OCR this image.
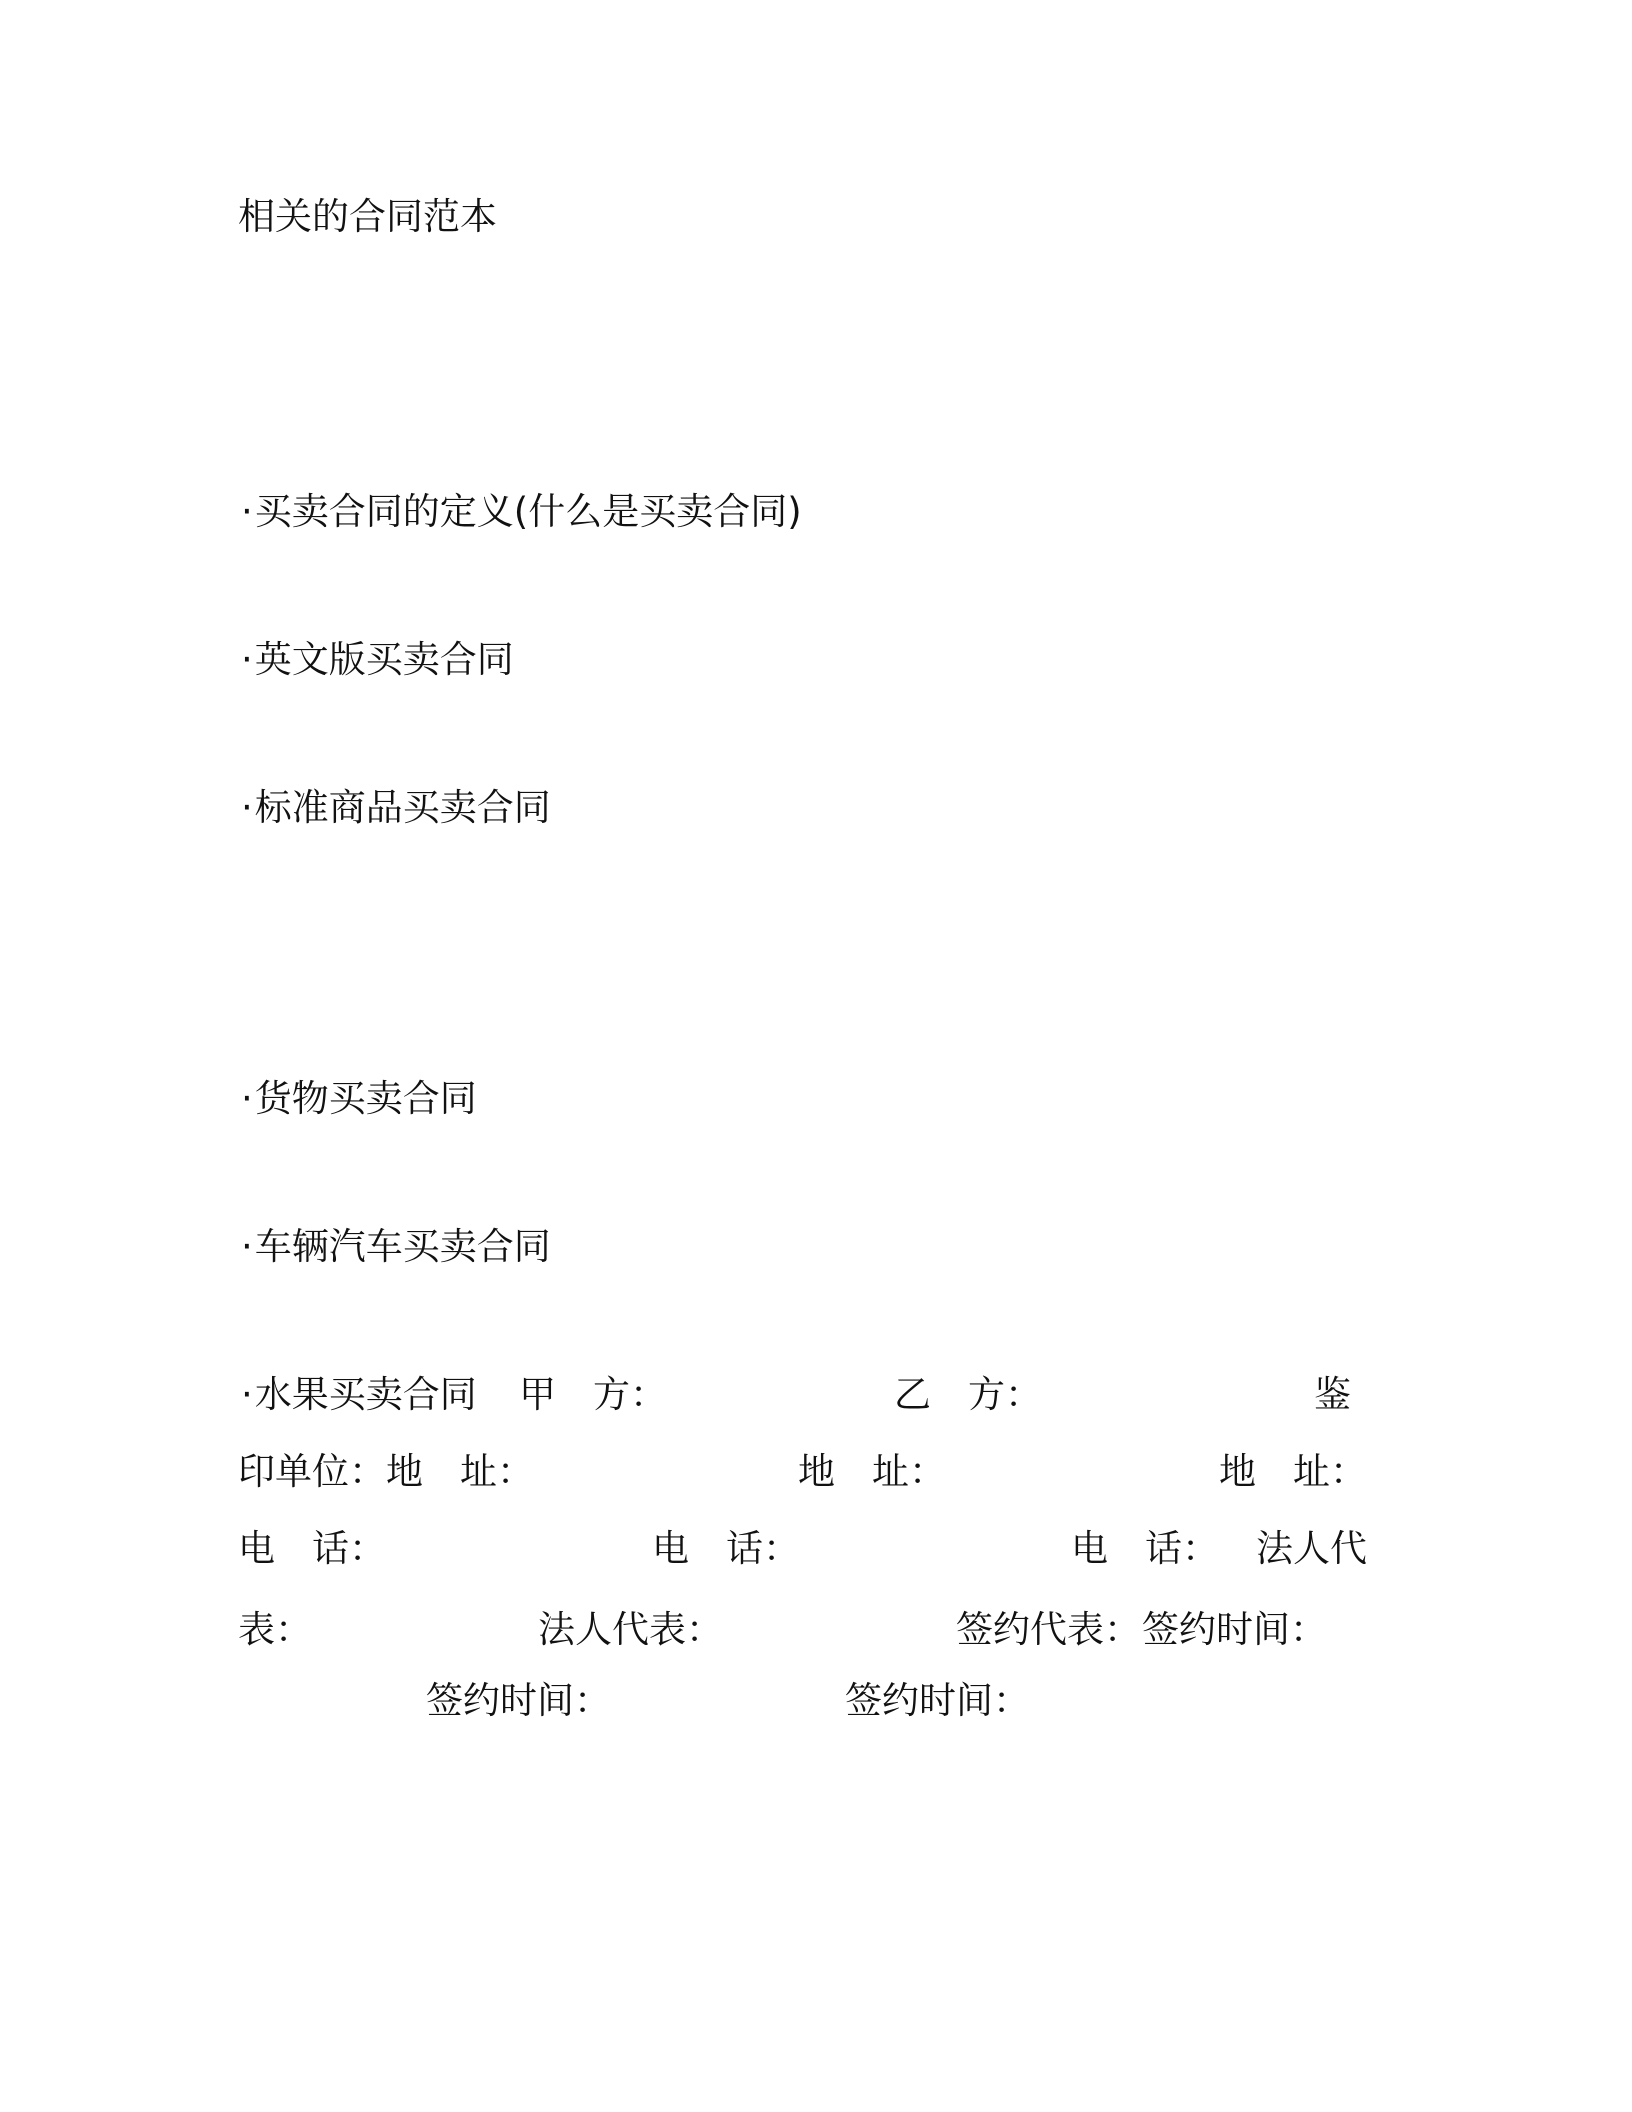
相关的合同范本
·买卖合同的定义(什么是买卖合同)
·英文版买卖合同
·标准商品买卖合同
·货物买卖合同
·车辆汽车买卖合同
·水果买卖合同 甲　方：	乙　方：	鉴
印单位： 地　址：	地　址：	地　址：
电　话：	电　话：	电　话： 法人代
表：	法人代表：	签约代表： 签约时间：
签约时间：	签约时间：
